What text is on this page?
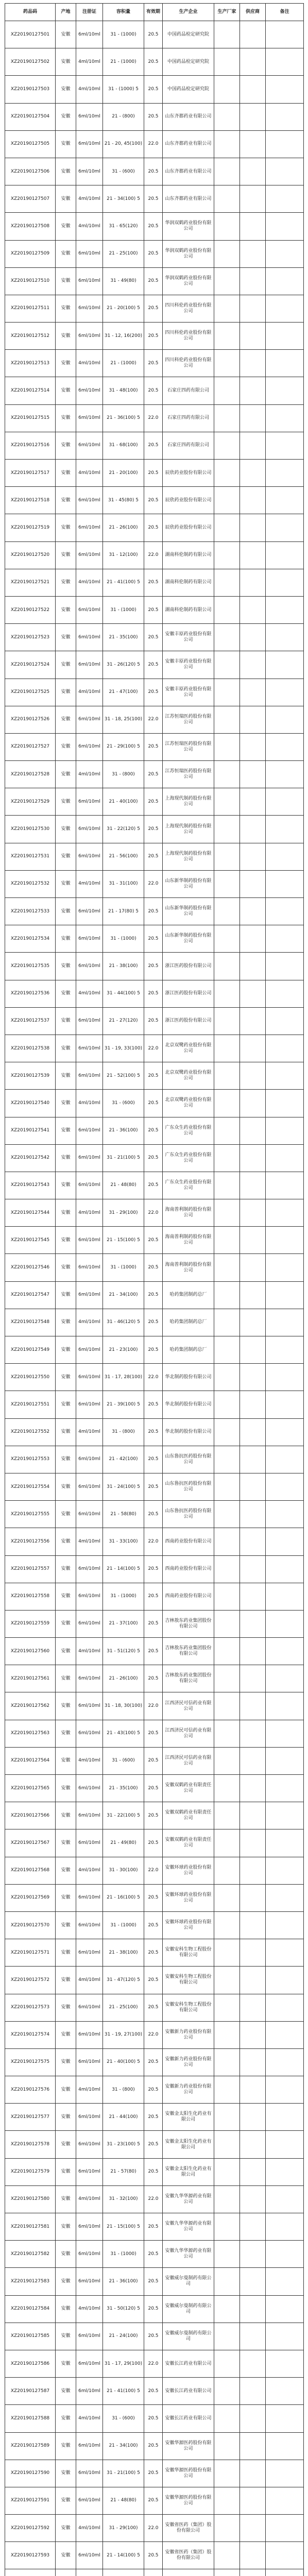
药品码	产地	注册证	容积量	有效期	生产企业	生产厂家	供应商	备注
XZ20190127501	安徽	6ml/10ml	31 - (1000)	20.5	中国药品检定研究院			
XZ20190127502	安徽	4ml/10ml	21 - (1000)	20.5	中国药品检定研究院			
XZ20190127503	安徽	4ml/10ml	31 - (1000) 5	20.5	中国药品检定研究院			
XZ20190127504	安徽	6ml/10ml	21 - (800)	20.5	山东齐都药业有限公司			
XZ20190127505	安徽	6ml/10ml	21 - 20, 45(100)	22.0	山东齐都药业有限公司			
XZ20190127506	安徽	6ml/10ml	31 - (600)	20.5	山东齐都药业有限公司			
XZ20190127507	安徽	4ml/10ml	21 - 34(100) 5	20.5	山东齐都药业有限公司			
XZ20190127508	安徽	4ml/10ml	31 - 65(120)	20.5	华润双鹤药业股份有限公司			
XZ20190127509	安徽	6ml/10ml	21 - 25(100)	20.5	华润双鹤药业股份有限公司			
XZ20190127510	安徽	6ml/10ml	31 - 49(80)	20.5	华润双鹤药业股份有限公司			
XZ20190127511	安徽	6ml/10ml	21 - 20(100) 5	20.5	四川科伦药业股份有限公司			
XZ20190127512	安徽	6ml/10ml	31 - 12, 16(200)	20.5	四川科伦药业股份有限公司			
XZ20190127513	安徽	4ml/10ml	21 - (1000)	20.5	四川科伦药业股份有限公司			
XZ20190127514	安徽	6ml/10ml	31 - 48(100)	20.5	石家庄四药有限公司			
XZ20190127515	安徽	6ml/10ml	21 - 36(100) 5	22.0	石家庄四药有限公司			
XZ20190127516	安徽	6ml/10ml	31 - 68(100)	20.5	石家庄四药有限公司			
XZ20190127517	安徽	4ml/10ml	21 - 20(100)	20.5	辰欣药业股份有限公司			
XZ20190127518	安徽	6ml/10ml	31 - 45(80) 5	20.5	辰欣药业股份有限公司			
XZ20190127519	安徽	6ml/10ml	21 - 26(100)	20.5	辰欣药业股份有限公司			
XZ20190127520	安徽	6ml/10ml	31 - 12(100)	22.0	湖南科伦制药有限公司			
XZ20190127521	安徽	4ml/10ml	21 - 41(100) 5	20.5	湖南科伦制药有限公司			
XZ20190127522	安徽	6ml/10ml	31 - (1000)	20.5	湖南科伦制药有限公司			
XZ20190127523	安徽	6ml/10ml	21 - 35(100)	20.5	安徽丰原药业股份有限公司			
XZ20190127524	安徽	6ml/10ml	31 - 26(120) 5	20.5	安徽丰原药业股份有限公司			
XZ20190127525	安徽	4ml/10ml	21 - 47(100)	20.5	安徽丰原药业股份有限公司			
XZ20190127526	安徽	6ml/10ml	31 - 18, 25(100)	22.0	江苏恒瑞医药股份有限公司			
XZ20190127527	安徽	6ml/10ml	21 - 29(100) 5	20.5	江苏恒瑞医药股份有限公司			
XZ20190127528	安徽	4ml/10ml	31 - (800)	20.5	江苏恒瑞医药股份有限公司			
XZ20190127529	安徽	6ml/10ml	21 - 40(100)	20.5	上海现代制药股份有限公司			
XZ20190127530	安徽	6ml/10ml	31 - 22(120) 5	20.5	上海现代制药股份有限公司			
XZ20190127531	安徽	6ml/10ml	21 - 56(100)	20.5	上海现代制药股份有限公司			
XZ20190127532	安徽	4ml/10ml	31 - 31(100)	22.0	山东新华制药股份有限公司			
XZ20190127533	安徽	6ml/10ml	21 - 17(80) 5	20.5	山东新华制药股份有限公司			
XZ20190127534	安徽	6ml/10ml	31 - (1000)	20.5	山东新华制药股份有限公司			
XZ20190127535	安徽	6ml/10ml	21 - 38(100)	20.5	浙江医药股份有限公司			
XZ20190127536	安徽	4ml/10ml	31 - 44(100) 5	20.5	浙江医药股份有限公司			
XZ20190127537	安徽	6ml/10ml	21 - 27(120)	20.5	浙江医药股份有限公司			
XZ20190127538	安徽	6ml/10ml	31 - 19, 33(100)	22.0	北京双鹭药业股份有限公司			
XZ20190127539	安徽	6ml/10ml	21 - 52(100) 5	20.5	北京双鹭药业股份有限公司			
XZ20190127540	安徽	4ml/10ml	31 - (600)	20.5	北京双鹭药业股份有限公司			
XZ20190127541	安徽	6ml/10ml	21 - 36(100)	20.5	广东众生药业股份有限公司			
XZ20190127542	安徽	6ml/10ml	31 - 21(100) 5	20.5	广东众生药业股份有限公司			
XZ20190127543	安徽	6ml/10ml	21 - 48(80)	20.5	广东众生药业股份有限公司			
XZ20190127544	安徽	4ml/10ml	31 - 29(100)	22.0	海南普利制药股份有限公司			
XZ20190127545	安徽	6ml/10ml	21 - 15(100) 5	20.5	海南普利制药股份有限公司			
XZ20190127546	安徽	6ml/10ml	31 - (1000)	20.5	海南普利制药股份有限公司			
XZ20190127547	安徽	6ml/10ml	21 - 34(100)	20.5	哈药集团制药总厂			
XZ20190127548	安徽	4ml/10ml	31 - 46(120) 5	20.5	哈药集团制药总厂			
XZ20190127549	安徽	6ml/10ml	21 - 23(100)	20.5	哈药集团制药总厂			
XZ20190127550	安徽	6ml/10ml	31 - 17, 28(100)	22.0	华北制药股份有限公司			
XZ20190127551	安徽	6ml/10ml	21 - 39(100) 5	20.5	华北制药股份有限公司			
XZ20190127552	安徽	4ml/10ml	31 - (800)	20.5	华北制药股份有限公司			
XZ20190127553	安徽	6ml/10ml	21 - 42(100)	20.5	山东鲁抗医药股份有限公司			
XZ20190127554	安徽	6ml/10ml	31 - 24(100) 5	20.5	山东鲁抗医药股份有限公司			
XZ20190127555	安徽	6ml/10ml	21 - 58(80)	20.5	山东鲁抗医药股份有限公司			
XZ20190127556	安徽	4ml/10ml	31 - 33(100)	22.0	西南药业股份有限公司			
XZ20190127557	安徽	6ml/10ml	21 - 14(100) 5	20.5	西南药业股份有限公司			
XZ20190127558	安徽	6ml/10ml	31 - (1000)	20.5	西南药业股份有限公司			
XZ20190127559	安徽	6ml/10ml	21 - 37(100)	20.5	吉林敖东药业集团股份有限公司			
XZ20190127560	安徽	4ml/10ml	31 - 51(120) 5	20.5	吉林敖东药业集团股份有限公司			
XZ20190127561	安徽	6ml/10ml	21 - 26(100)	20.5	吉林敖东药业集团股份有限公司			
XZ20190127562	安徽	6ml/10ml	31 - 18, 30(100)	22.0	江西济民可信药业有限公司			
XZ20190127563	安徽	6ml/10ml	21 - 43(100) 5	20.5	江西济民可信药业有限公司			
XZ20190127564	安徽	4ml/10ml	31 - (600)	20.5	江西济民可信药业有限公司			
XZ20190127565	安徽	6ml/10ml	21 - 35(100)	20.5	安徽双鹤药业有限责任公司			
XZ20190127566	安徽	6ml/10ml	31 - 22(100) 5	20.5	安徽双鹤药业有限责任公司			
XZ20190127567	安徽	6ml/10ml	21 - 49(80)	20.5	安徽双鹤药业有限责任公司			
XZ20190127568	安徽	4ml/10ml	31 - 30(100)	22.0	安徽环球药业股份有限公司			
XZ20190127569	安徽	6ml/10ml	21 - 16(100) 5	20.5	安徽环球药业股份有限公司			
XZ20190127570	安徽	6ml/10ml	31 - (1000)	20.5	安徽环球药业股份有限公司			
XZ20190127571	安徽	6ml/10ml	21 - 38(100)	20.5	安徽安科生物工程股份有限公司			
XZ20190127572	安徽	4ml/10ml	31 - 47(120) 5	20.5	安徽安科生物工程股份有限公司			
XZ20190127573	安徽	6ml/10ml	21 - 25(100)	20.5	安徽安科生物工程股份有限公司			
XZ20190127574	安徽	6ml/10ml	31 - 19, 27(100)	22.0	安徽新力药业股份有限公司			
XZ20190127575	安徽	6ml/10ml	21 - 40(100) 5	20.5	安徽新力药业股份有限公司			
XZ20190127576	安徽	4ml/10ml	31 - (800)	20.5	安徽新力药业股份有限公司			
XZ20190127577	安徽	6ml/10ml	21 - 44(100)	20.5	安徽金太阳生化药业有限公司			
XZ20190127578	安徽	6ml/10ml	31 - 23(100) 5	20.5	安徽金太阳生化药业有限公司			
XZ20190127579	安徽	6ml/10ml	21 - 57(80)	20.5	安徽金太阳生化药业有限公司			
XZ20190127580	安徽	4ml/10ml	31 - 32(100)	22.0	安徽九华华源药业有限公司			
XZ20190127581	安徽	6ml/10ml	21 - 15(100) 5	20.5	安徽九华华源药业有限公司			
XZ20190127582	安徽	6ml/10ml	31 - (1000)	20.5	安徽九华华源药业有限公司			
XZ20190127583	安徽	6ml/10ml	21 - 36(100)	20.5	安徽威尔曼制药有限公司			
XZ20190127584	安徽	4ml/10ml	31 - 50(120) 5	20.5	安徽威尔曼制药有限公司			
XZ20190127585	安徽	6ml/10ml	21 - 24(100)	20.5	安徽威尔曼制药有限公司			
XZ20190127586	安徽	6ml/10ml	31 - 17, 29(100)	22.0	安徽长江药业有限公司			
XZ20190127587	安徽	6ml/10ml	21 - 41(100) 5	20.5	安徽长江药业有限公司			
XZ20190127588	安徽	4ml/10ml	31 - (600)	20.5	安徽长江药业有限公司			
XZ20190127589	安徽	6ml/10ml	21 - 34(100)	20.5	安徽华源医药股份有限公司			
XZ20190127590	安徽	6ml/10ml	31 - 21(100) 5	20.5	安徽华源医药股份有限公司			
XZ20190127591	安徽	6ml/10ml	21 - 48(80)	20.5	安徽华源医药股份有限公司			
XZ20190127592	安徽	4ml/10ml	31 - 29(100)	22.0	安徽省医药（集团）股份有限公司			
XZ20190127593	安徽	6ml/10ml	21 - 14(100) 5	20.5	安徽省医药（集团）股份有限公司			
